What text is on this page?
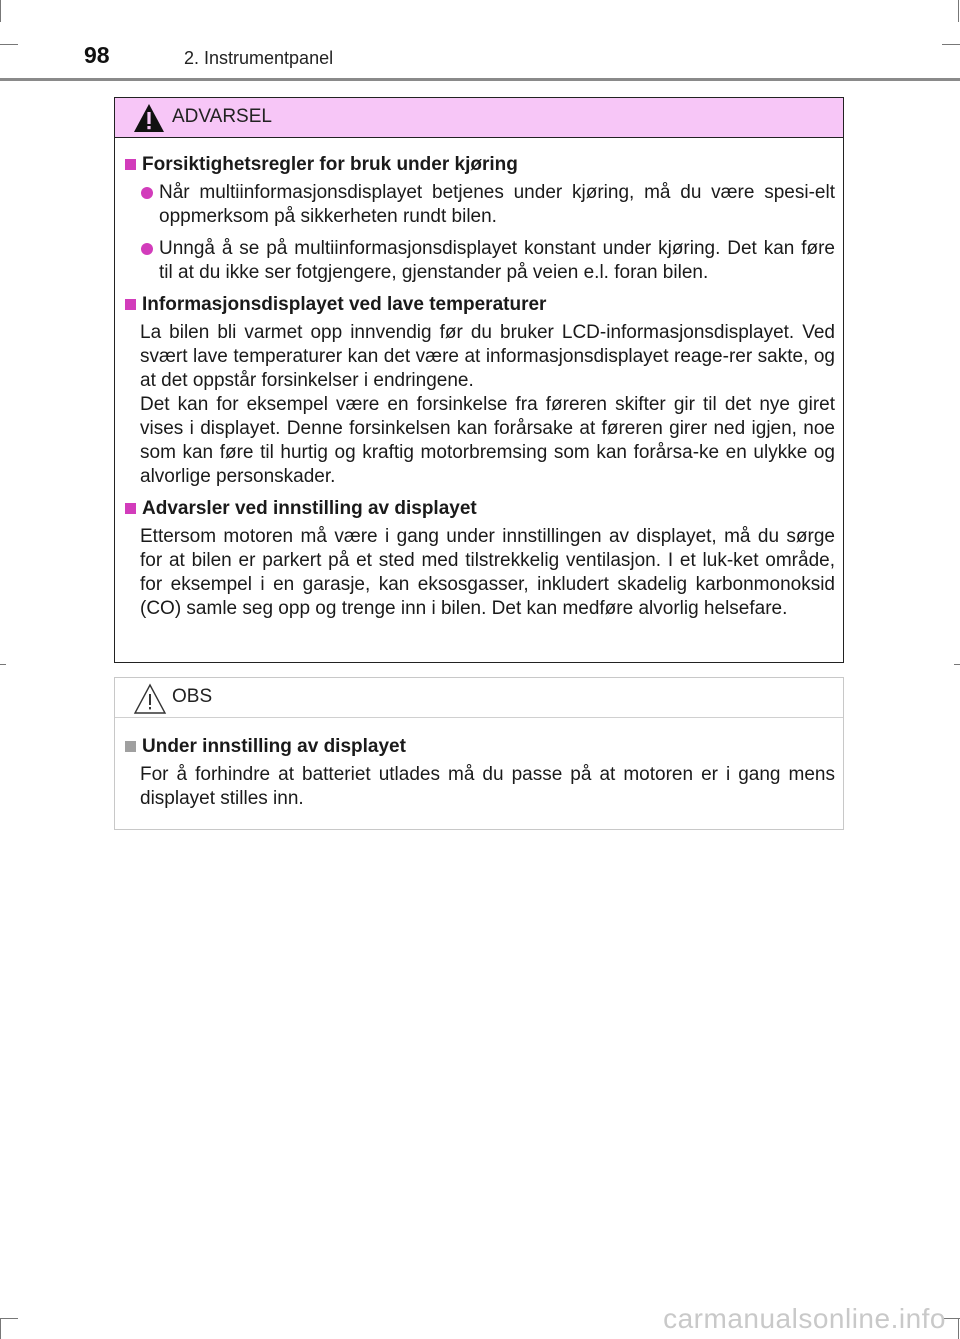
98	2. Instrumentpanel
ADVARSEL
Forsiktighetsregler for bruk under kjøring
Når multiinformasjonsdisplayet betjenes under kjøring, må du være spesi-elt oppmerksom på sikkerheten rundt bilen.
Unngå å se på multiinformasjonsdisplayet konstant under kjøring. Det kan føre til at du ikke ser fotgjengere, gjenstander på veien e.l. foran bilen.
Informasjonsdisplayet ved lave temperaturer
La bilen bli varmet opp innvendig før du bruker LCD-informasjonsdisplayet. Ved svært lave temperaturer kan det være at informasjonsdisplayet reage-rer sakte, og at det oppstår forsinkelser i endringene.
Det kan for eksempel være en forsinkelse fra føreren skifter gir til det nye giret vises i displayet. Denne forsinkelsen kan forårsake at føreren girer ned igjen, noe som kan føre til hurtig og kraftig motorbremsing som kan forårsa-ke en ulykke og alvorlige personskader.
Advarsler ved innstilling av displayet
Ettersom motoren må være i gang under innstillingen av displayet, må du sørge for at bilen er parkert på et sted med tilstrekkelig ventilasjon. I et luk-ket område, for eksempel i en garasje, kan eksosgasser, inkludert skadelig karbonmonoksid (CO) samle seg opp og trenge inn i bilen. Det kan medføre alvorlig helsefare.
OBS
Under innstilling av displayet
For å forhindre at batteriet utlades må du passe på at motoren er i gang mens displayet stilles inn.
carmanualsonline.info
